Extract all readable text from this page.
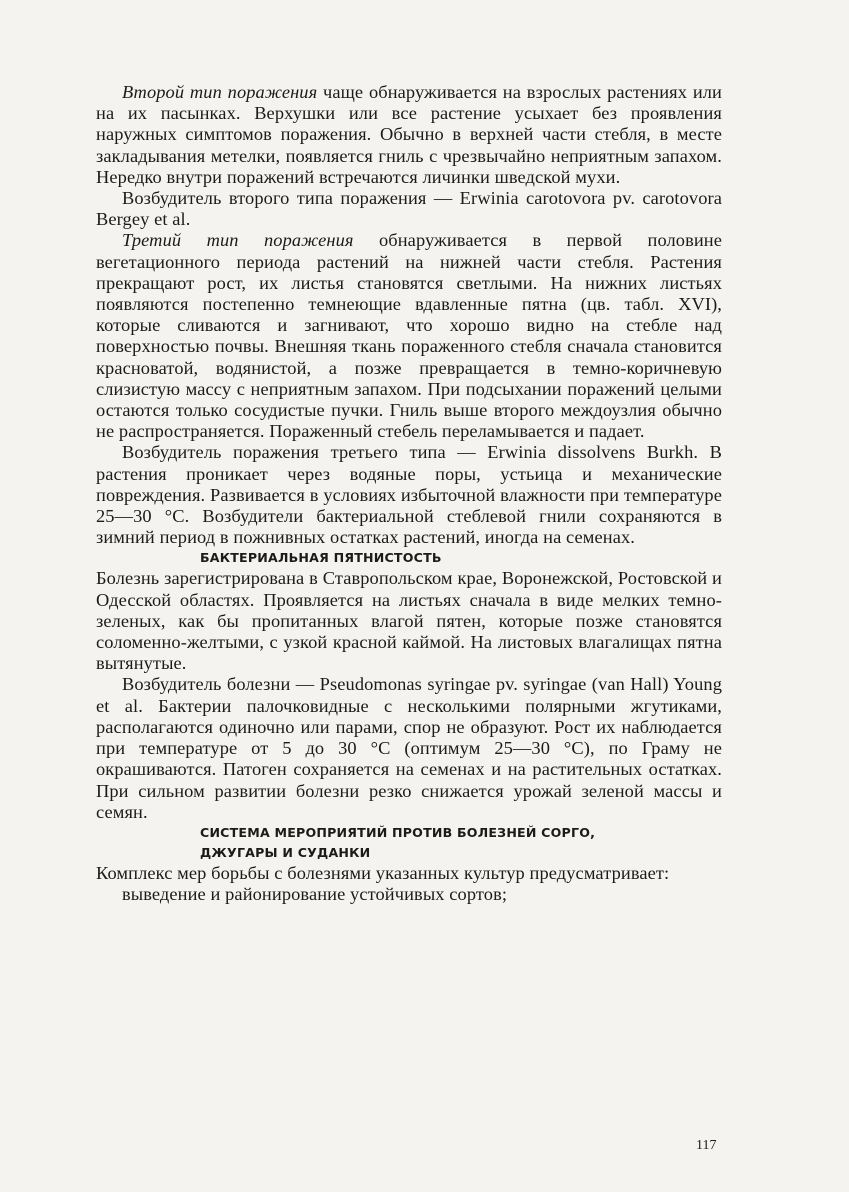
Второй тип поражения чаще обнаруживается на взрослых растениях или на их пасынках. Верхушки или все растение усыхает без проявления наружных симптомов поражения. Обычно в верхней части стебля, в месте закладывания метелки, появляется гниль с чрезвычайно неприятным запахом. Нередко внутри поражений встречаются личинки шведской мухи.

Возбудитель второго типа поражения — Erwinia carotovora pv. carotovora Bergey et al.

Третий тип поражения обнаруживается в первой половине вегетационного периода растений на нижней части стебля. Растения прекращают рост, их листья становятся светлыми. На нижних листьях появляются постепенно темнеющие вдавленные пятна (цв. табл. XVI), которые сливаются и загнивают, что хорошо видно на стебле над поверхностью почвы. Внешняя ткань пораженного стебля сначала становится красноватой, водянистой, а позже превращается в темно-коричневую слизистую массу с неприятным запахом. При подсыхании поражений целыми остаются только сосудистые пучки. Гниль выше второго междоузлия обычно не распространяется. Пораженный стебель переламывается и падает.

Возбудитель поражения третьего типа — Erwinia dissolvens Burkh. В растения проникает через водяные поры, устьица и механические повреждения. Развивается в условиях избыточной влажности при температуре 25—30 °С. Возбудители бактериальной стеблевой гнили сохраняются в зимний период в пожнивных остатках растений, иногда на семенах.

БАКТЕРИАЛЬНАЯ ПЯТНИСТОСТЬ

Болезнь зарегистрирована в Ставропольском крае, Воронежской, Ростовской и Одесской областях. Проявляется на листьях сначала в виде мелких темно-зеленых, как бы пропитанных влагой пятен, которые позже становятся соломенно-желтыми, с узкой красной каймой. На листовых влагалищах пятна вытянутые.

Возбудитель болезни — Pseudomonas syringae pv. syringae (van Hall) Young et al. Бактерии палочковидные с несколькими полярными жгутиками, располагаются одиночно или парами, спор не образуют. Рост их наблюдается при температуре от 5 до 30 °С (оптимум 25—30 °С), по Граму не окрашиваются. Патоген сохраняется на семенах и на растительных остатках. При сильном развитии болезни резко снижается урожай зеленой массы и семян.

СИСТЕМА МЕРОПРИЯТИЙ ПРОТИВ БОЛЕЗНЕЙ СОРГО,
ДЖУГАРЫ И СУДАНКИ

Комплекс мер борьбы с болезнями указанных культур предусматривает:

выведение и районирование устойчивых сортов;

117
